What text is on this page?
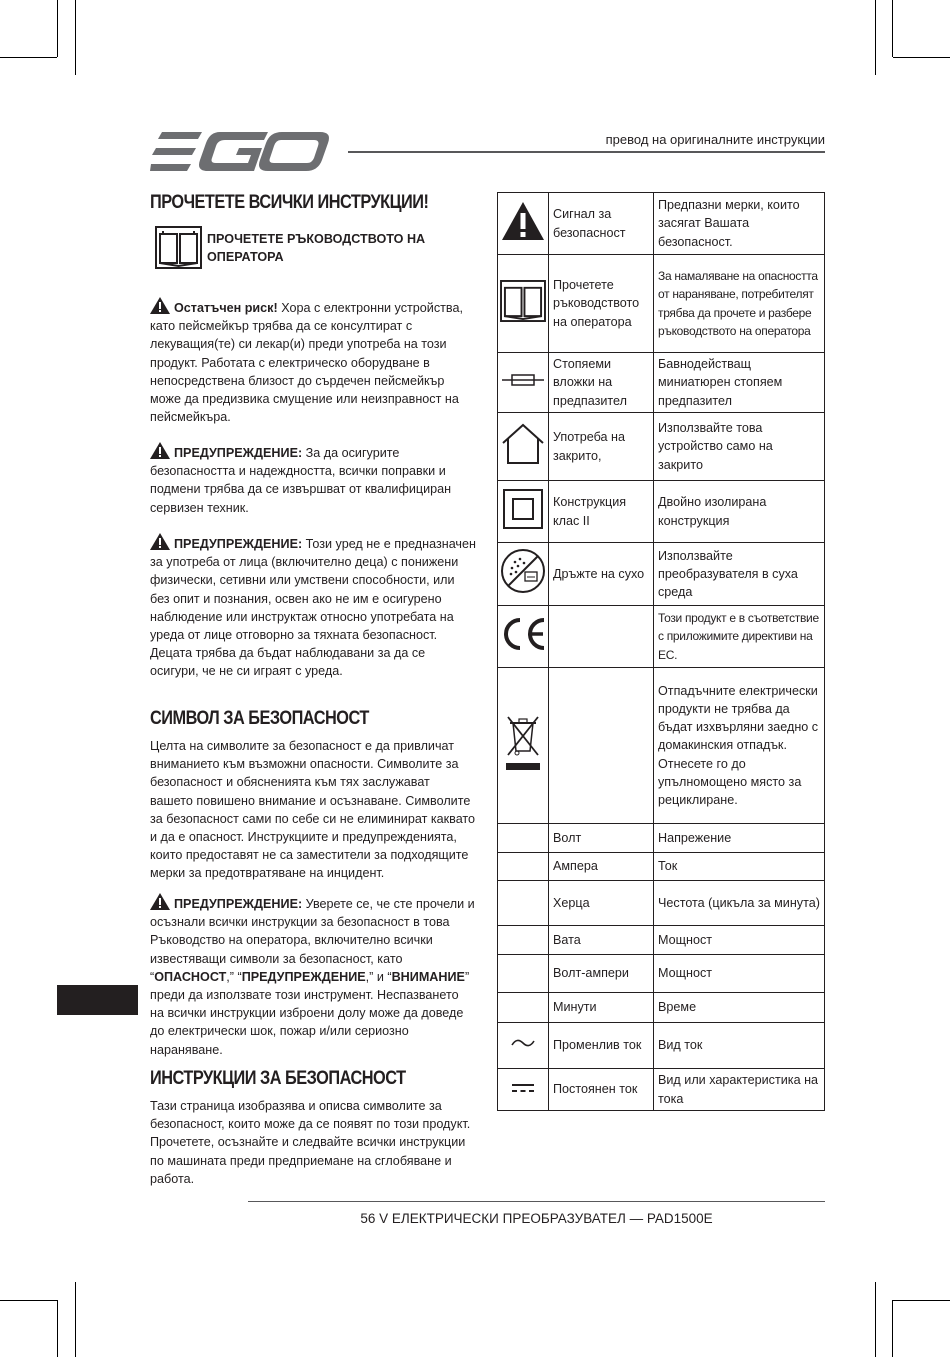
превод на оригиналните инструкции
ПРОЧЕТЕТЕ ВСИЧКИ ИНСТРУКЦИИ!
ПРОЧЕТЕТЕ РЪКОВОДСТВОТО НА
ОПЕРАТОРА

Остатъчен риск! Хора с електронни устройства, като пейсмейкър трябва да се консултират с лекуващия(те) си лекар(и) преди употреба на този продукт. Работата с електрическо оборудване в непосредствена близост до сърдечен пейсмейкър може да предизвика смущение или неизправност на пейсмейкъра.

ПРЕДУПРЕЖДЕНИЕ: За да осигурите безопасността и надеждността, всички поправки и подмени трябва да се извършват от квалифициран сервизен техник.

ПРЕДУПРЕЖДЕНИЕ: Този уред не е предназначен за употреба от лица (включително деца) с понижени физически, сетивни или умствени способности, или без опит и познания, освен ако не им е осигурено наблюдение или инструктаж относно употребата на уреда от лице отговорно за тяхната безопасност. Децата трябва да бъдат наблюдавани за да се осигури, че не си играят с уреда.

СИМВОЛ ЗА БЕЗОПАСНОСТ
Целта на символите за безопасност е да привличат вниманието към възможни опасности. Символите за безопасност и обясненията към тях заслужават вашето повишено внимание и осъзнаване. Символите за безопасност сами по себе си не елиминират каквато и да е опасност. Инструкциите и предупрежденията, които предоставят не са заместители за подходящите мерки за предотвратяване на инцидент.

ПРЕДУПРЕЖДЕНИЕ: Уверете се, че сте прочели и осъзнали всички инструкции за безопасност в това Ръководство на оператора, включително всички известяващи символи за безопасност, като “ОПАСНОСТ,” “ПРЕДУПРЕЖДЕНИЕ,” и “ВНИМАНИЕ” преди да използвате този инструмент. Неспазването на всички инструкции изброени долу може да доведе до електрически шок, пожар и/или сериозно нараняване.

ИНСТРУКЦИИ ЗА БЕЗОПАСНОСТ
Тази страница изобразява и описва символите за безопасност, които може да се появят по този продукт. Прочетете, осъзнайте и следвайте всички инструкции по машината преди предприемане на сглобяване и работа.
	Сигнал за безопасност	Предпазни мерки, които засягат Вашата безопасност.
	Прочетете ръководството на оператора	За намаляване на опасността от нараняване, потребителят трябва да прочете и разбере ръководството на оператора
	Стопяеми вложки на предпазител	Бавнодействащ миниатюрен стопяем предпазител
	Употреба на закрито,	Използвайте това устройство само на закрито
	Конструкция клас II	Двойно изолирана конструкция
	Дръжте на сухо	Използвайте преобразувателя в суха среда
		Този продукт е в съответствие с приложимите директиви на ЕС.
		Отпадъчните електрически продукти не трябва да бъдат изхвърляни заедно с домакинския отпадък. Отнесете го до упълномощено място за рециклиране.
	Волт	Напрежение
	Ампера	Ток
	Херца	Честота (цикъла за минута)
	Вата	Мощност
	Волт-ампери	Мощност
	Минути	Време
	Променлив ток	Вид ток
	Постоянен ток	Вид или характеристика на тока
56 V ЕЛЕКТРИЧЕСКИ ПРЕОБРАЗУВАТЕЛ — PAD1500E
